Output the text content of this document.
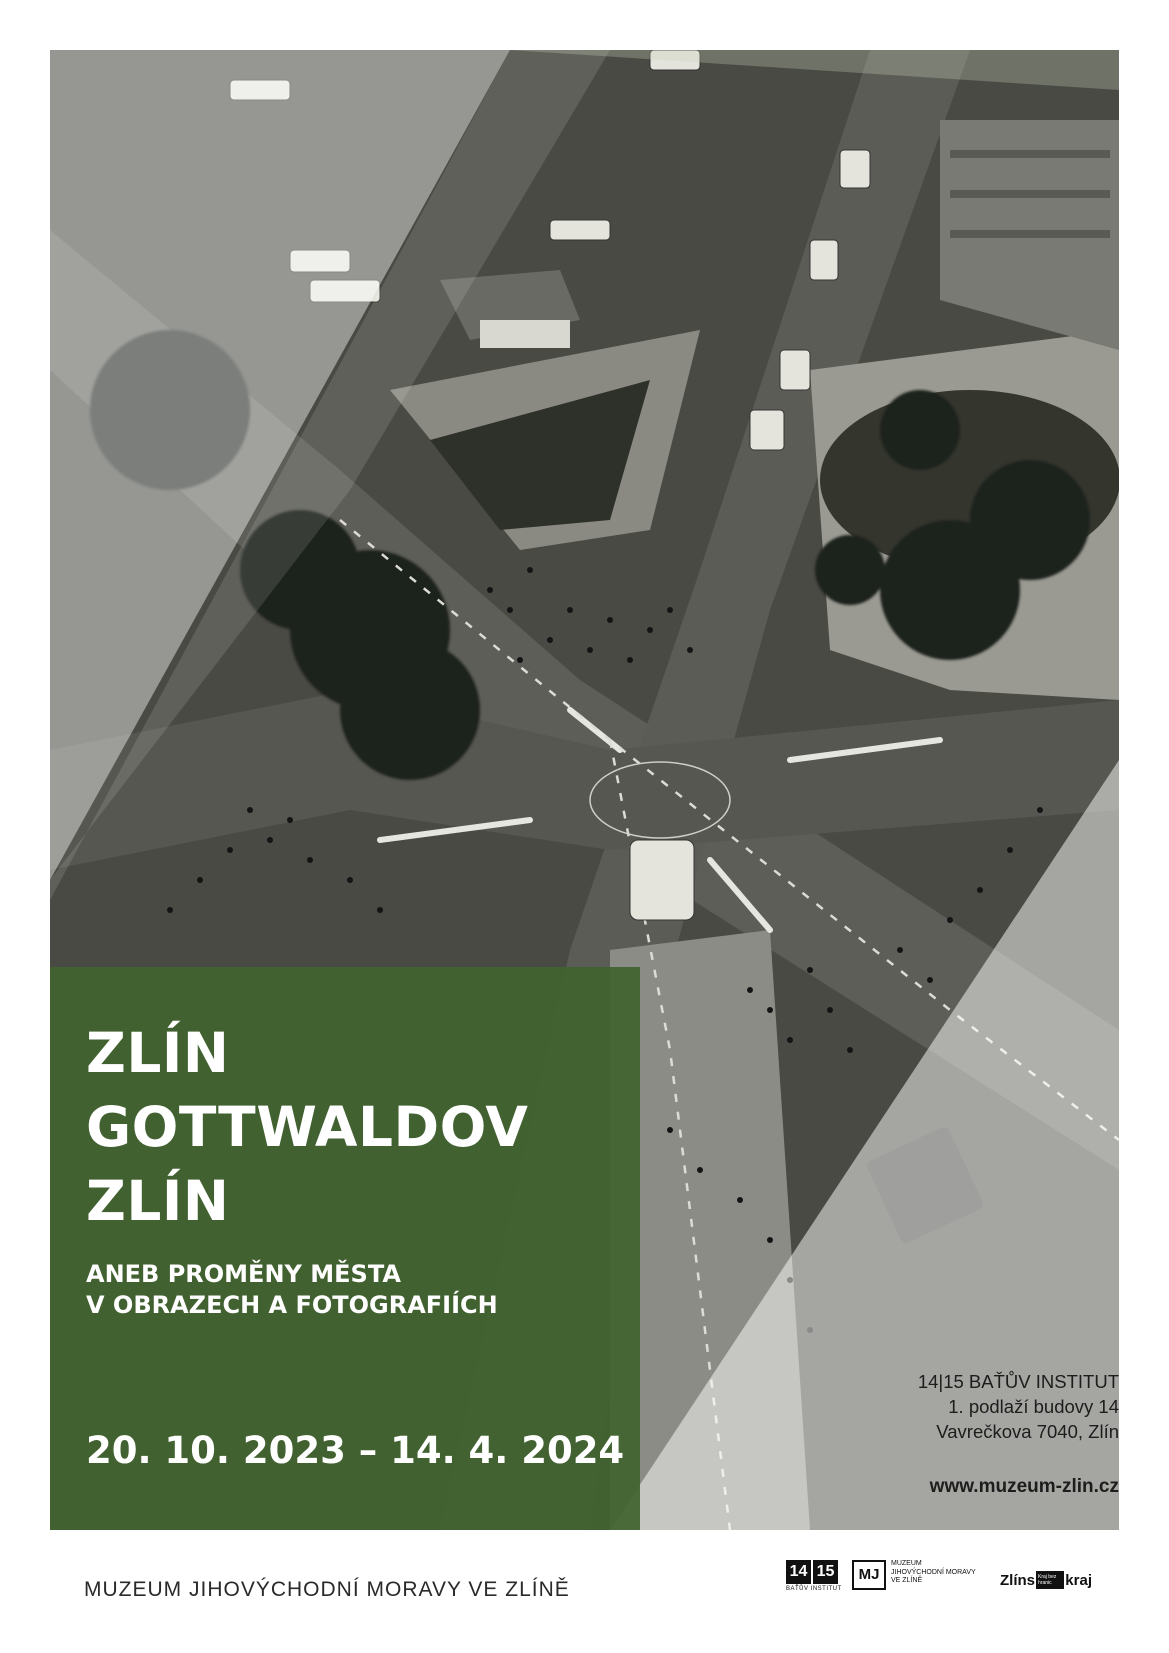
ZLÍN
GOTTWALDOV
ZLÍN

ANEB PROMĚNY MĚSTA

V OBRAZECH A FOTOGRAFIÍCH

20. 10. 2023 – 14. 4. 2024

14|15 BAŤŮV INSTITUT
1. podlaží budovy 14
Vavrečkova 7040, Zlín
www.muzeum-zlin.cz
MUZEUM JIHOVÝCHODNÍ MORAVY VE ZLÍNĚ
14 15
BAŤŮV INSTITUT
MJ
MUZEUM
JIHOVÝCHODNÍ MORAVY
VE ZLÍNĚ	Zlíns Kraj bez hranic kraj
